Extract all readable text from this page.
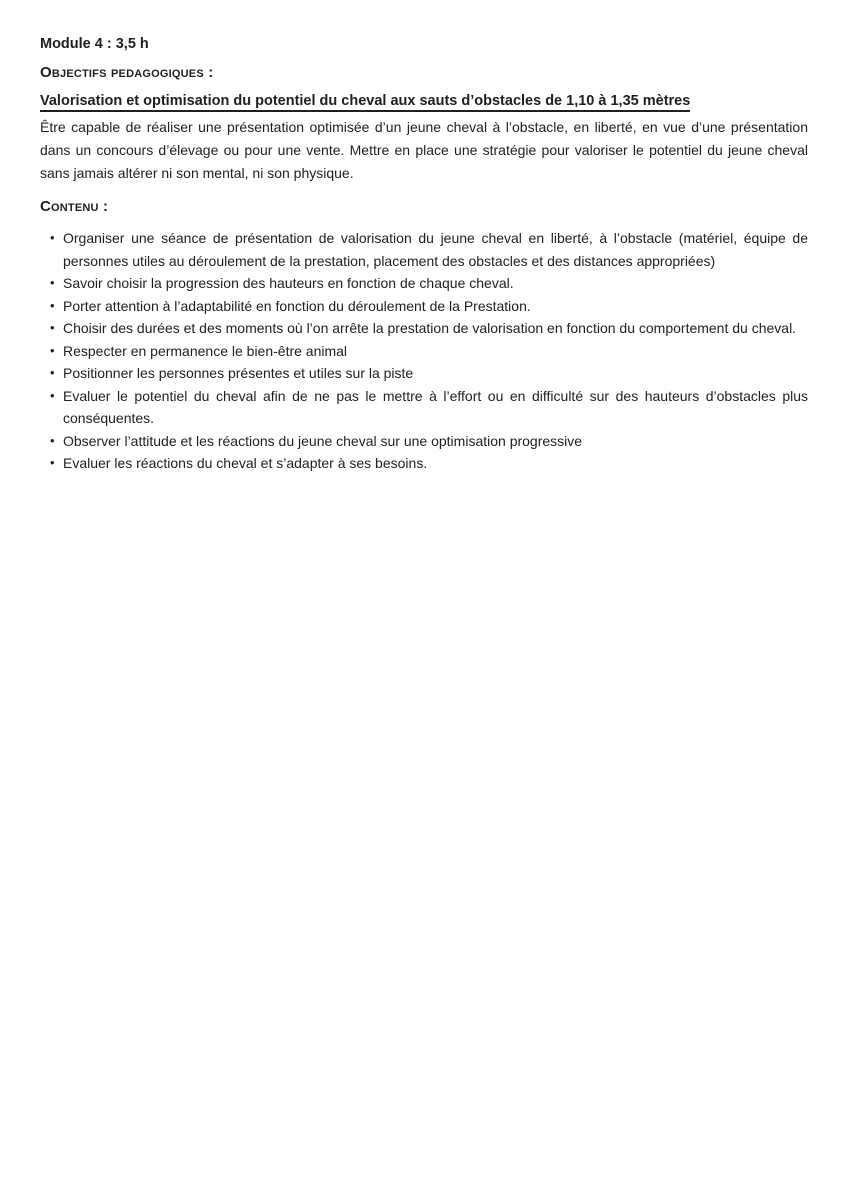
Module 4 : 3,5 h
Objectifs pedagogiques :
Valorisation et optimisation du potentiel du cheval aux sauts d’obstacles de 1,10 à 1,35 mètres

Être capable de réaliser une présentation optimisée d’un jeune cheval à l’obstacle, en liberté, en vue d’une présentation dans un concours d’élevage ou pour une vente. Mettre en place une stratégie pour valoriser le potentiel du jeune cheval sans jamais altérer ni son mental, ni son physique.

Contenu :
• Organiser une séance de présentation de valorisation du jeune cheval en liberté, à l’obstacle (matériel, équipe de personnes utiles au déroulement de la prestation, placement des obstacles et des distances appropriées)
• Savoir choisir la progression des hauteurs en fonction de chaque cheval.
• Porter attention à l’adaptabilité en fonction du déroulement de la Prestation.
• Choisir des durées et des moments où l’on arrête la prestation de valorisation en fonction du comportement du cheval.
• Respecter en permanence le bien-être animal
• Positionner les personnes présentes et utiles sur la piste
• Evaluer le potentiel du cheval afin de ne pas le mettre à l’effort ou en difficulté sur des hauteurs d’obstacles plus conséquentes.
• Observer l’attitude et les réactions du jeune cheval sur une optimisation progressive
• Evaluer les réactions du cheval et s’adapter à ses besoins.
